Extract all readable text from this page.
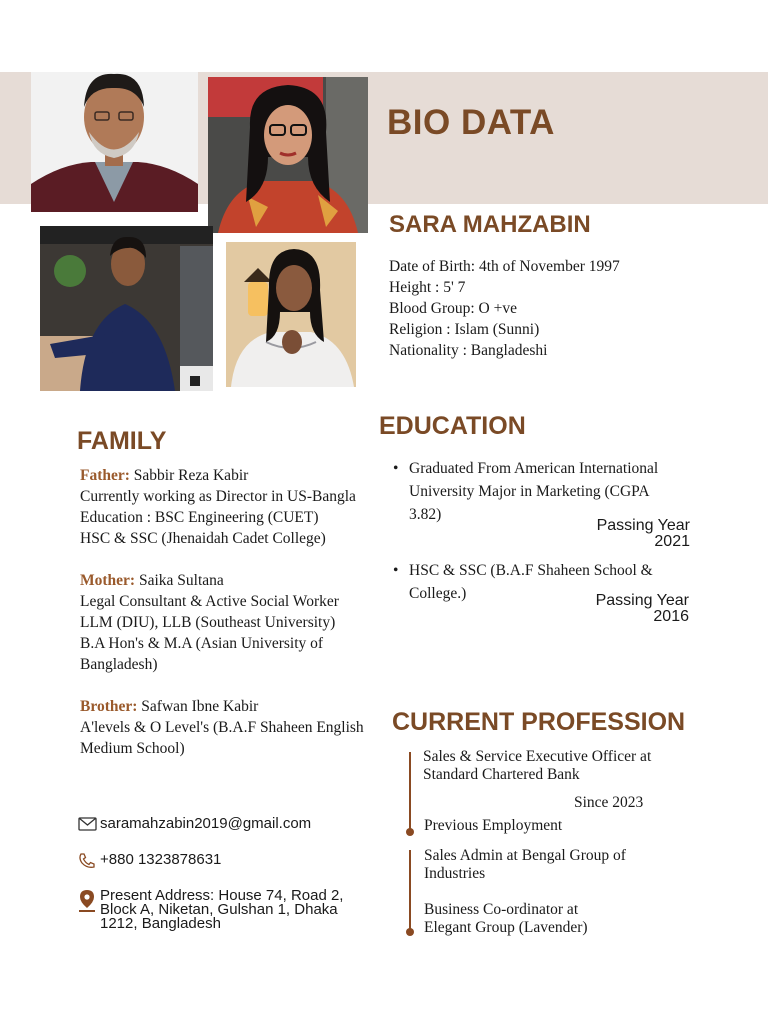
BIO DATA
SARA MAHZABIN
Date of Birth: 4th of November 1997
Height : 5' 7
Blood Group: O +ve
Religion : Islam (Sunni)
Nationality : Bangladeshi
FAMILY
Father: Sabbir Reza Kabir
Currently working as Director in US-Bangla
Education : BSC Engineering (CUET)
HSC & SSC (Jhenaidah Cadet College)
Mother: Saika Sultana
Legal Consultant & Active Social Worker
LLM (DIU), LLB (Southeast University)
B.A Hon's & M.A (Asian University of
Bangladesh)
Brother: Safwan Ibne Kabir
A'levels & O Level's (B.A.F Shaheen English
Medium School)
EDUCATION
• Graduated From American International University Major in Marketing (CGPA 3.82)
Passing Year
2021
• HSC & SSC (B.A.F Shaheen School & College.)	Passing Year
2016
CURRENT PROFESSION
Sales & Service Executive Officer at Standard Chartered Bank
Since 2023
Previous Employment
Sales Admin at Bengal Group of Industries
Business Co-ordinator at Elegant Group (Lavender)
saramahzabin2019@gmail.com
+880 1323878631
Present Address: House 74, Road 2, Block A, Niketan, Gulshan 1, Dhaka 1212, Bangladesh
